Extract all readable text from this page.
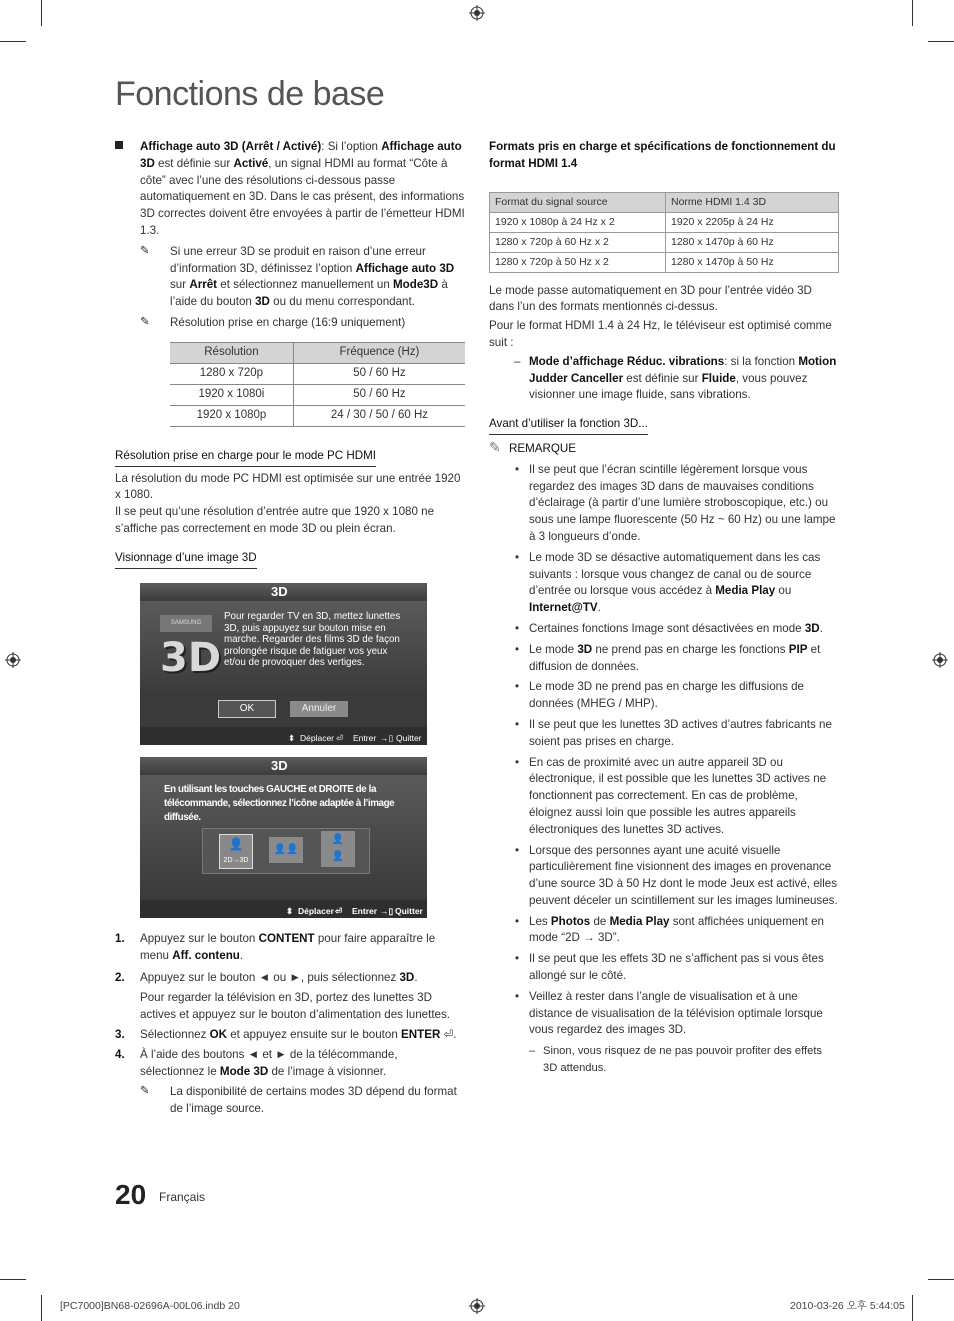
Fonctions de base

Affichage auto 3D (Arrêt / Activé): Si l’option Affichage auto 3D est définie sur Activé, un signal HDMI au format “Côte à côte” avec l’une des résolutions ci-dessous passe automatiquement en 3D. Dans le cas présent, des informations 3D correctes doivent être envoyées à partir de l’émetteur HDMI 1.3.

✎ Si une erreur 3D se produit en raison d’une erreur d’information 3D, définissez l’option Affichage auto 3D sur Arrêt et sélectionnez manuellement un Mode3D à l’aide du bouton 3D ou du menu correspondant.

✎ Résolution prise en charge (16:9 uniquement)

Résolution	Fréquence (Hz)
1280 x 720p	50 / 60 Hz
1920 x 1080i	50 / 60 Hz
1920 x 1080p	24 / 30 / 50 / 60 Hz
Résolution prise en charge pour le mode PC HDMI

La résolution du mode PC HDMI est optimisée sur une entrée 1920 x 1080.

Il se peut qu’une résolution d’entrée autre que 1920 x 1080 ne s’affiche pas correctement en mode 3D ou plein écran.

Visionnage d’une image 3D
3D
SAMSUNG
3D
Pour regarder TV en 3D, mettez lunettes 3D, puis appuyez sur bouton mise en marche. Regarder des films 3D de façon prolongée risque de fatiguer vos yeux et/ou de provoquer des vertiges.
OK	Annuler
⬍ Déplacer ⏎ Entrer →▯ Quitter
3D
En utilisant les touches GAUCHE et DROITE de la télécommande, sélectionnez l’icône adaptée à l’image diffusée.
👤
2D→3D
👤👤
👤
👤
⬍ Déplacer ⏎ Entrer →▯ Quitter
1. Appuyez sur le bouton CONTENT pour faire apparaître le menu Aff. contenu.

2. Appuyez sur le bouton ◄ ou ►, puis sélectionnez 3D.

Pour regarder la télévision en 3D, portez des lunettes 3D actives et appuyez sur le bouton d’alimentation des lunettes.

3. Sélectionnez OK et appuyez ensuite sur le bouton ENTER ⏎.

4. À l’aide des boutons ◄ et ► de la télécommande, sélectionnez le Mode 3D de l’image à visionner.

✎ La disponibilité de certains modes 3D dépend du format de l’image source.

Formats pris en charge et spécifications de fonctionnement du format HDMI 1.4

Format du signal source	Norme HDMI 1.4 3D
1920 x 1080p à 24 Hz x 2	1920 x 2205p à 24 Hz
1280 x 720p à 60 Hz x 2	1280 x 1470p à 60 Hz
1280 x 720p à 50 Hz x 2	1280 x 1470p à 50 Hz

Le mode passe automatiquement en 3D pour l’entrée vidéo 3D dans l’un des formats mentionnés ci-dessus.

Pour le format HDMI 1.4 à 24 Hz, le téléviseur est optimisé comme suit :

– Mode d’affichage Réduc. vibrations: si la fonction Motion Judder Canceller est définie sur Fluide, vous pouvez visionner une image fluide, sans vibrations.

Avant d’utiliser la fonction 3D...
✎ REMARQUE
• Il se peut que l’écran scintille légèrement lorsque vous regardez des images 3D dans de mauvaises conditions d’éclairage (à partir d’une lumière stroboscopique, etc.) ou sous une lampe fluorescente (50 Hz ~ 60 Hz) ou une lampe à 3 longueurs d’onde.

• Le mode 3D se désactive automatiquement dans les cas suivants : lorsque vous changez de canal ou de source d’entrée ou lorsque vous accédez à Media Play ou Internet@TV.

• Certaines fonctions Image sont désactivées en mode 3D.

• Le mode 3D ne prend pas en charge les fonctions PIP et diffusion de données.

• Le mode 3D ne prend pas en charge les diffusions de données (MHEG / MHP).

• Il se peut que les lunettes 3D actives d’autres fabricants ne soient pas prises en charge.

• En cas de proximité avec un autre appareil 3D ou électronique, il est possible que les lunettes 3D actives ne fonctionnent pas correctement. En cas de problème, éloignez aussi loin que possible les autres appareils électroniques des lunettes 3D actives.

• Lorsque des personnes ayant une acuité visuelle particulièrement fine visionnent des images en provenance d’une source 3D à 50 Hz dont le mode Jeux est activé, elles peuvent déceler un scintillement sur les images lumineuses.

• Les Photos de Media Play sont affichées uniquement en mode “2D → 3D”.

• Il se peut que les effets 3D ne s’affichent pas si vous êtes allongé sur le côté.

• Veillez à rester dans l’angle de visualisation et à une distance de visualisation de la télévision optimale lorsque vous regardez des images 3D.

– Sinon, vous risquez de ne pas pouvoir profiter des effets 3D attendus.

20 Français
[PC7000]BN68-02696A-00L06.indb 20	2010-03-26 오후 5:44:05
